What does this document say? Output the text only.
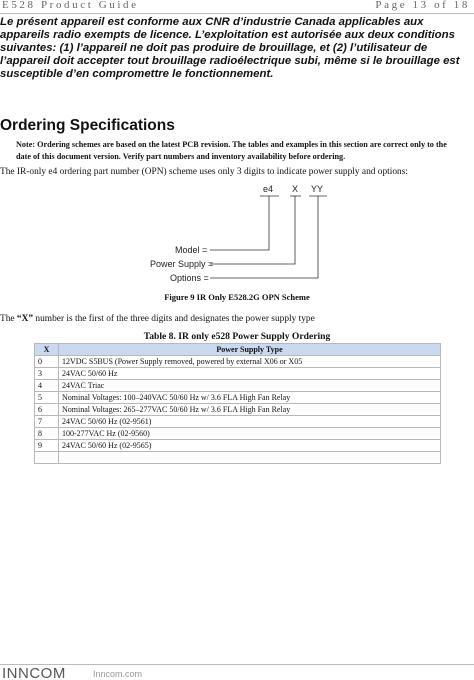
E528 Product Guide	Page 13 of 18
Le présent appareil est conforme aux CNR d’industrie Canada applicables aux appareils radio exempts de licence. L’exploitation est autorisée aux deux conditions suivantes: (1) l’appareil ne doit pas produire de brouillage, et (2) l’utilisateur de l’appareil doit accepter tout brouillage radioélectrique subi, même si le brouillage est susceptible d’en compromettre le fonctionnement.
Ordering Specifications
Note: Ordering schemes are based on the latest PCB revision. The tables and examples in this section are correct only to the date of this document version. Verify part numbers and inventory availability before ordering.
The IR-only e4 ordering part number (OPN) scheme uses only 3 digits to indicate power supply and options:
e4 X YY
Model =
Power Supply =
Options =
Figure 9 IR Only E528.2G OPN Scheme
The “X” number is the first of the three digits and designates the power supply type
Table 8. IR only e528 Power Supply Ordering
X	Power Supply Type
0	12VDC S5BUS (Power Supply removed, powered by external X06 or X05
3	24VAC 50/60 Hz
4	24VAC Triac
5	Nominal Voltages: 100–240VAC 50/60 Hz w/ 3.6 FLA High Fan Relay
6	Nominal Voltages: 265–277VAC 50/60 Hz w/ 3.6 FLA High Fan Relay
7	24VAC 50/60 Hz (02-9561)
8	100-277VAC Hz (02-9560)
9	24VAC 50/60 Hz (02-9565)

INNCOM	Inncom.com
